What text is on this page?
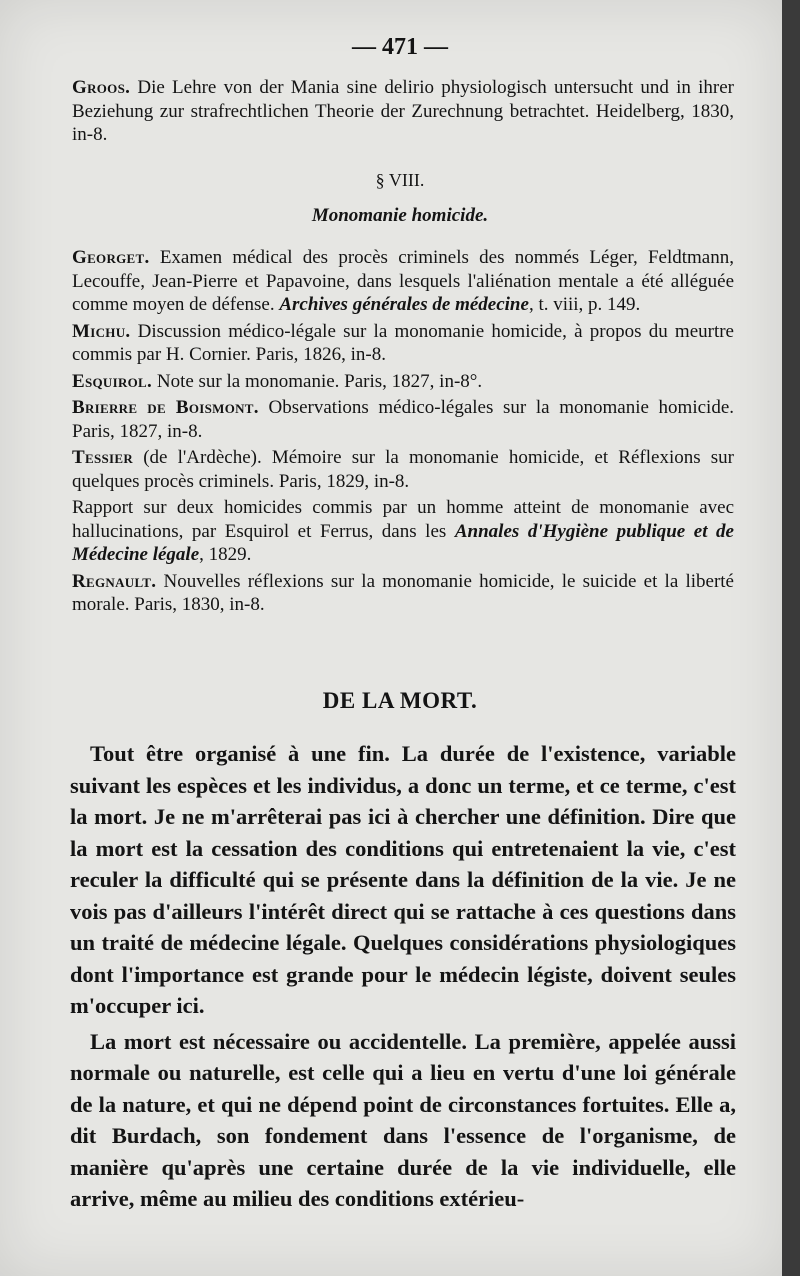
— 471 —

Groos. Die Lehre von der Mania sine delirio physiologisch untersucht und in ihrer Beziehung zur strafrechtlichen Theorie der Zurechnung betrachtet. Heidelberg, 1830, in-8.

§ VIII.
Monomanie homicide.

Georget. Examen médical des procès criminels des nommés Léger, Feldtmann, Lecouffe, Jean-Pierre et Papavoine, dans lesquels l'aliénation mentale a été alléguée comme moyen de défense. Archives générales de médecine, t. viii, p. 149.

Michu. Discussion médico-légale sur la monomanie homicide, à propos du meurtre commis par H. Cornier. Paris, 1826, in-8.

Esquirol. Note sur la monomanie. Paris, 1827, in-8°.

Brierre de Boismont. Observations médico-légales sur la monomanie homicide. Paris, 1827, in-8.

Tessier (de l'Ardèche). Mémoire sur la monomanie homicide, et Réflexions sur quelques procès criminels. Paris, 1829, in-8.

Rapport sur deux homicides commis par un homme atteint de monomanie avec hallucinations, par Esquirol et Ferrus, dans les Annales d'Hygiène publique et de Médecine légale, 1829.

Regnault. Nouvelles réflexions sur la monomanie homicide, le suicide et la liberté morale. Paris, 1830, in-8.

DE LA MORT.

Tout être organisé à une fin. La durée de l'existence, variable suivant les espèces et les individus, a donc un terme, et ce terme, c'est la mort. Je ne m'arrêterai pas ici à chercher une définition. Dire que la mort est la cessation des conditions qui entretenaient la vie, c'est reculer la difficulté qui se présente dans la définition de la vie. Je ne vois pas d'ailleurs l'intérêt direct qui se rattache à ces questions dans un traité de médecine légale. Quelques considérations physiologiques dont l'importance est grande pour le médecin légiste, doivent seules m'occuper ici.

La mort est nécessaire ou accidentelle. La première, appelée aussi normale ou naturelle, est celle qui a lieu en vertu d'une loi générale de la nature, et qui ne dépend point de circonstances fortuites. Elle a, dit Burdach, son fondement dans l'essence de l'organisme, de manière qu'après une certaine durée de la vie individuelle, elle arrive, même au milieu des conditions extérieu-
